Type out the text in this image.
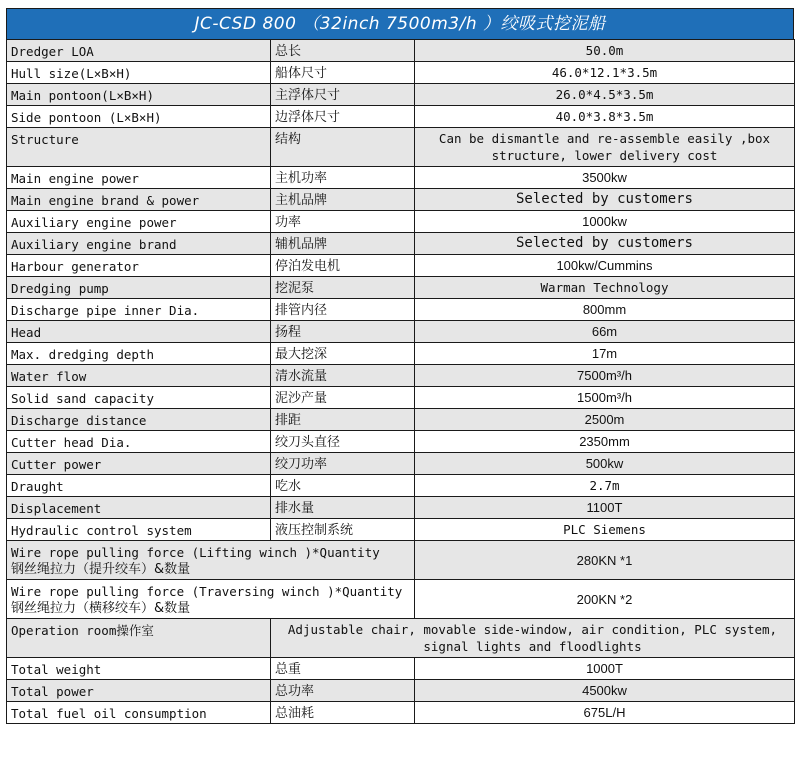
JC-CSD 800 （32inch 7500m3/h ）绞吸式挖泥船
Dredger LOA	总长	50.0m
Hull size(L×B×H)	船体尺寸	46.0*12.1*3.5m
Main pontoon(L×B×H)	主浮体尺寸	26.0*4.5*3.5m
Side pontoon (L×B×H)	边浮体尺寸	40.0*3.8*3.5m
Structure	结构	Can be dismantle and re-assemble easily ,box
structure, lower delivery cost

Main engine power	主机功率	3500kw
Main engine brand & power	主机品牌	Selected by customers
Auxiliary engine power	功率	1000kw
Auxiliary engine brand	辅机品牌	Selected by customers
Harbour generator	停泊发电机	100kw/Cummins
Dredging pump	挖泥泵	Warman Technology
Discharge pipe inner Dia.	排管内径	800mm
Head	扬程	66m
Max. dredging depth	最大挖深	17m
Water flow	清水流量	7500m³/h
Solid sand capacity	泥沙产量	1500m³/h
Discharge distance	排距	2500m
Cutter head Dia.	绞刀头直径	2350mm
Cutter power	绞刀功率	500kw
Draught	吃水	2.7m
Displacement	排水量	1100T
Hydraulic control system	液压控制系统	PLC Siemens

Wire rope pulling force (Lifting winch )*Quantity
钢丝绳拉力（提升绞车）&数量		280KN *1

Wire rope pulling force (Traversing winch )*Quantity
钢丝绳拉力（横移绞车）&数量		200KN *2
Operation room操作室	Adjustable chair, movable side-window, air condition, PLC system,
signal lights and floodlights	

Total weight	总重	1000T
Total power	总功率	4500kw
Total fuel oil consumption	总油耗	675L/H
